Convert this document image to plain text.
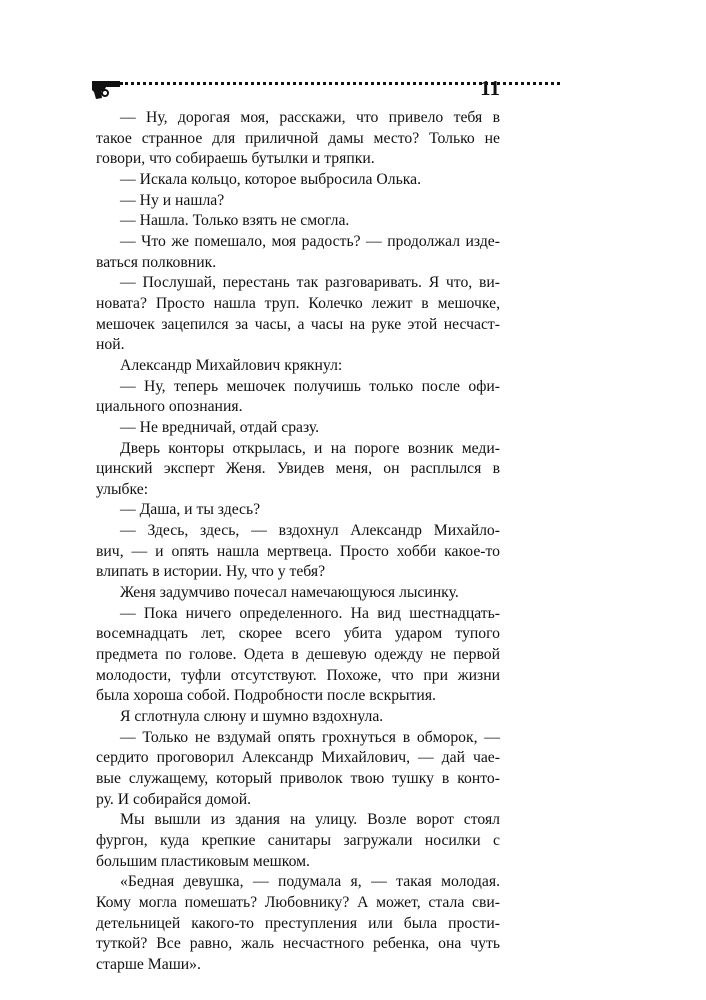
11

— Ну, дорогая моя, расскажи, что привело тебя в

такое странное для приличной дамы место? Только не

говори, что собираешь бутылки и тряпки.

— Искала кольцо, которое выбросила Олька.

— Ну и нашла?

— Нашла. Только взять не смогла.

— Что же помешало, моя радость? — продолжал изде-

ваться полковник.

— Послушай, перестань так разговаривать. Я что, ви-

новата? Просто нашла труп. Колечко лежит в мешочке,

мешочек зацепился за часы, а часы на руке этой несчаст-

ной.

Александр Михайлович крякнул:

— Ну, теперь мешочек получишь только после офи-

циального опознания.

— Не вредничай, отдай сразу.

Дверь конторы открылась, и на пороге возник меди-

цинский эксперт Женя. Увидев меня, он расплылся в

улыбке:

— Даша, и ты здесь?

— Здесь, здесь, — вздохнул Александр Михайло-

вич, — и опять нашла мертвеца. Просто хобби какое-то

влипать в истории. Ну, что у тебя?

Женя задумчиво почесал намечающуюся лысинку.

— Пока ничего определенного. На вид шестнадцать-

восемнадцать лет, скорее всего убита ударом тупого

предмета по голове. Одета в дешевую одежду не первой

молодости, туфли отсутствуют. Похоже, что при жизни

была хороша собой. Подробности после вскрытия.

Я сглотнула слюну и шумно вздохнула.

— Только не вздумай опять грохнуться в обморок, —

сердито проговорил Александр Михайлович, — дай чае-

вые служащему, который приволок твою тушку в конто-

ру. И собирайся домой.

Мы вышли из здания на улицу. Возле ворот стоял

фургон, куда крепкие санитары загружали носилки с

большим пластиковым мешком.

«Бедная девушка, — подумала я, — такая молодая.

Кому могла помешать? Любовнику? А может, стала сви-

детельницей какого-то преступления или была прости-

туткой? Все равно, жаль несчастного ребенка, она чуть

старше Маши».
